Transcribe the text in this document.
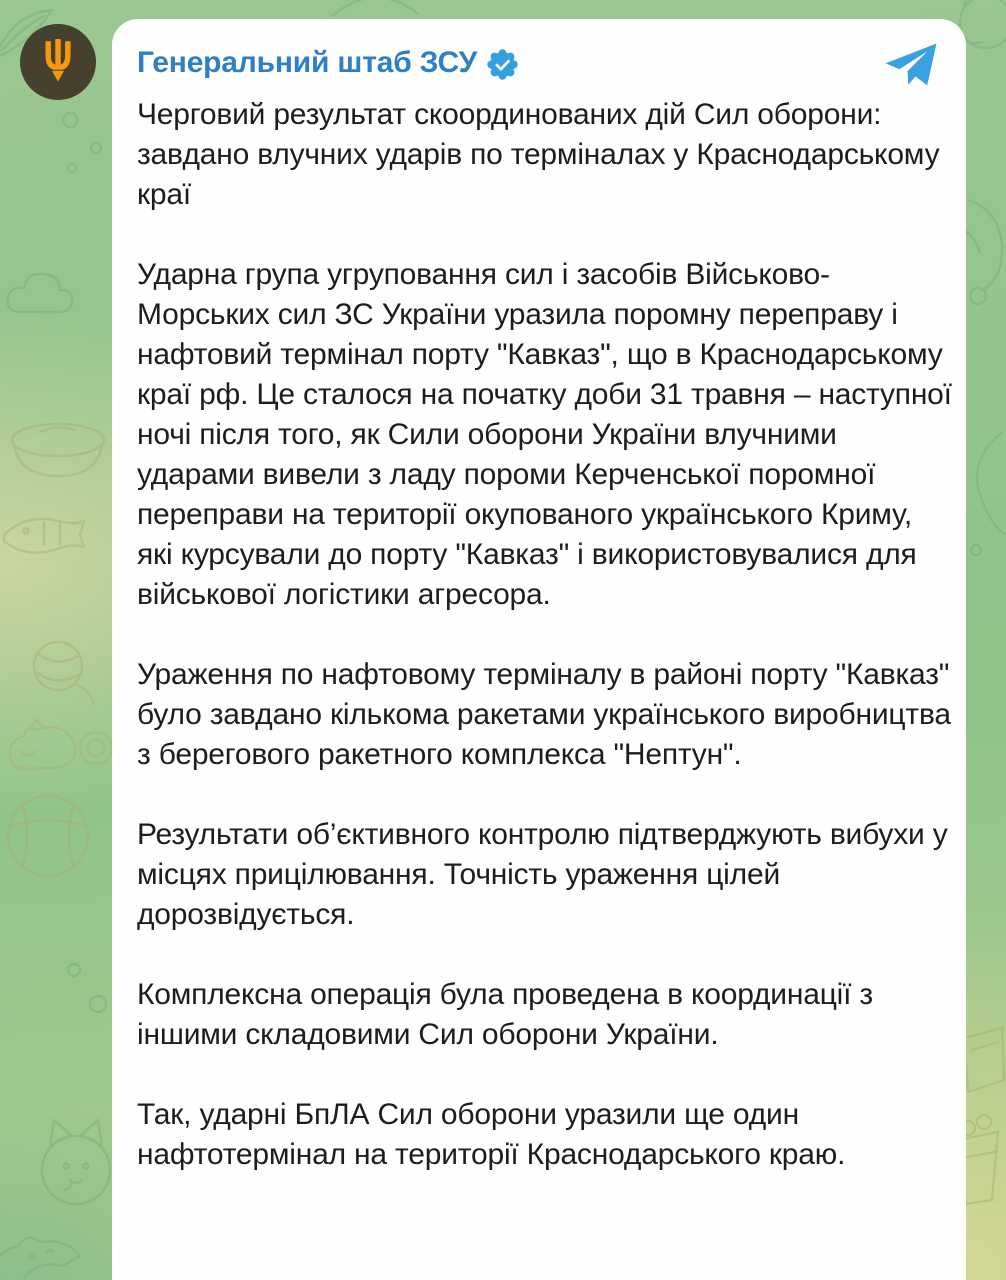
Генеральний штаб ЗСУ

Черговий результат скоординованих дій Сил оборони: завдано влучних ударів по терміналах у Краснодарському краї

Ударна група угруповання сил і засобів Військово-Морських сил ЗС України уразила поромну переправу і нафтовий термінал порту "Кавказ", що в Краснодарському краї рф. Це сталося на початку доби 31 травня – наступної ночі після того, як Сили оборони України влучними ударами вивели з ладу пороми Керченської поромної переправи на території окупованого українського Криму, які курсували до порту "Кавказ" і використовувалися для військової логістики агресора.

Ураження по нафтовому терміналу в районі порту "Кавказ" було завдано кількома ракетами українського виробництва з берегового ракетного комплекса "Нептун".

Результати об’єктивного контролю підтверджують вибухи у місцях прицілювання. Точність ураження цілей дорозвідується.

Комплексна операція була проведена в координації з іншими складовими Сил оборони України.

Так, ударні БпЛА Сил оборони уразили ще один нафтотермінал на території Краснодарського краю.
